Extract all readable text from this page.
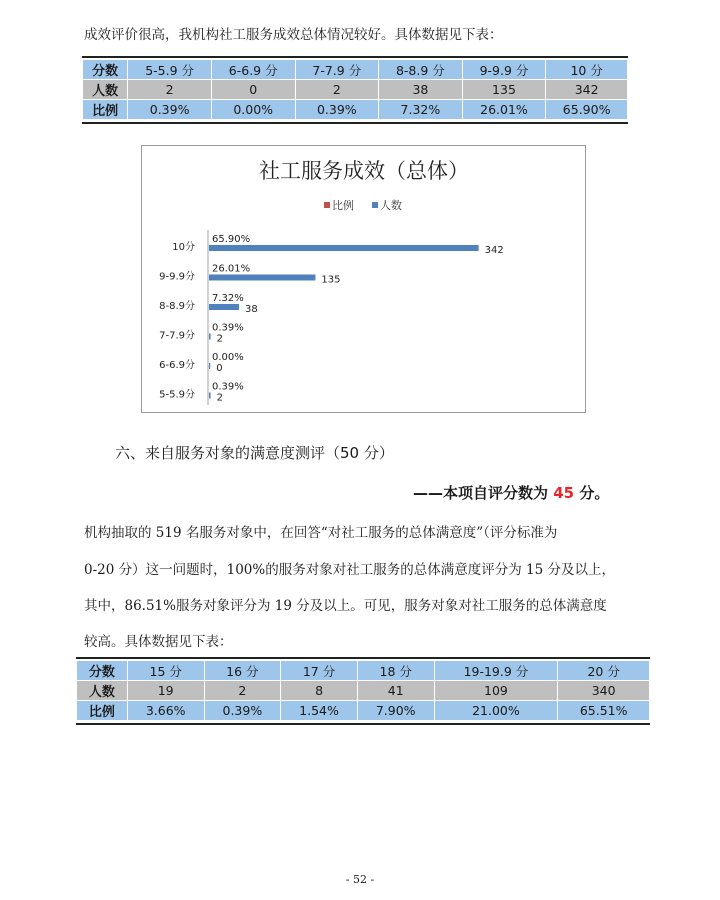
成效评价很高，我机构社工服务成效总体情况较好。具体数据见下表：
分数	5-5.9 分	6-6.9 分	7-7.9 分	8-8.9 分	9-9.9 分	10 分
人数	2	0	2	38	135	342
比例	0.39%	0.00%	0.39%	7.32%	26.01%	65.90%
社工服务成效（总体）
比例 人数
10分
65.90%
342
9-9.9分
26.01%
135
8-8.9分
7.32%
38
7-7.9分
0.39%
2
6-6.9分
0.00%
0
5-5.9分
0.39%
2
六、来自服务对象的满意度测评（50 分）
——本项自评分数为 45 分。
机构抽取的 519 名服务对象中，在回答“对社工服务的总体满意度”（评分标准为
0-20 分）这一问题时，100%的服务对象对社工服务的总体满意度评分为 15 分及以上，
其中，86.51%服务对象评分为 19 分及以上。可见，服务对象对社工服务的总体满意度
较高。具体数据见下表：
分数	15 分	16 分	17 分	18 分	19-19.9 分	20 分
人数	19	2	8	41	109	340
比例	3.66%	0.39%	1.54%	7.90%	21.00%	65.51%
- 52 -
